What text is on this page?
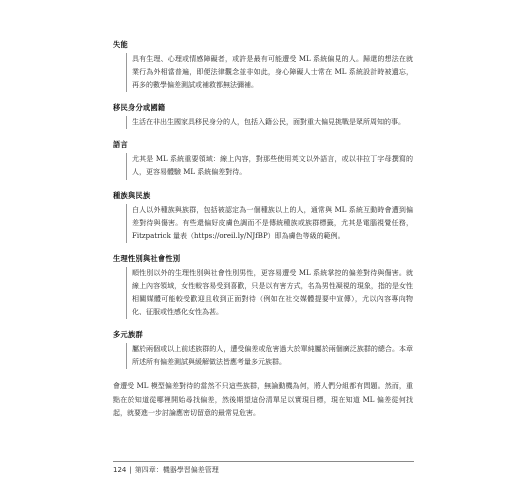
失能
具有生理、心理或情感障礙者，或許是最有可能遭受 ML 系統偏見的人。歸還的想法在就業行為外相當普遍，即便法律觀念並非如此，身心障礙人士常在 ML 系統設計時被遺忘，再多的數學偏差測試或補救都無法彌補。
移民身分或國籍
生活在非出生國家具移民身分的人，包括入籍公民，面對重大偏見挑戰是眾所周知的事。
語言
尤其是 ML 系統重要領域：線上內容，對那些使用英文以外語言，或以非拉丁字母撰寫的人，更容易體驗 ML 系統偏差對待。
種族與民族
白人以外種族與族群，包括被認定為一個種族以上的人，通常與 ML 系統互動時會遭到偏差對待與傷害。有些還偏好皮膚色調而不是傳統種族或族群標籤，尤其是電腦視覺任務，Fitzpatrick 量表（https://oreil.ly/NJfBP）即為膚色等級的範例。
生理性別與社會性別
順性別以外的生理性別與社會性別男性，更容易遭受 ML 系統掌控的偏差對待與傷害。就線上內容領域，女性較容易受到喜歡，只是以有害方式，名為男性凝視的現象，指的是女性相關媒體可能較受歡迎且收到正面對待（例如在社交媒體提要中宣傳），尤以內容專向物化、征服或性感化女性為甚。
多元族群
屬於兩個或以上前述族群的人，遭受偏差或危害過大於單純屬於兩個廣泛族群的總合。本章所述所有偏差測試與緩解做法皆應考量多元族群。

會遭受 ML 模型偏差對待的當然不只這些族群，無論動機為何，將人們分組都有問題。然而，重點在於知道從哪裡開始尋找偏差，然後期望這份清單足以實現目標，現在知道 ML 偏差從何找起，就要進一步討論應密切留意的最常見危害。

124 | 第四章：機器學習偏差管理
